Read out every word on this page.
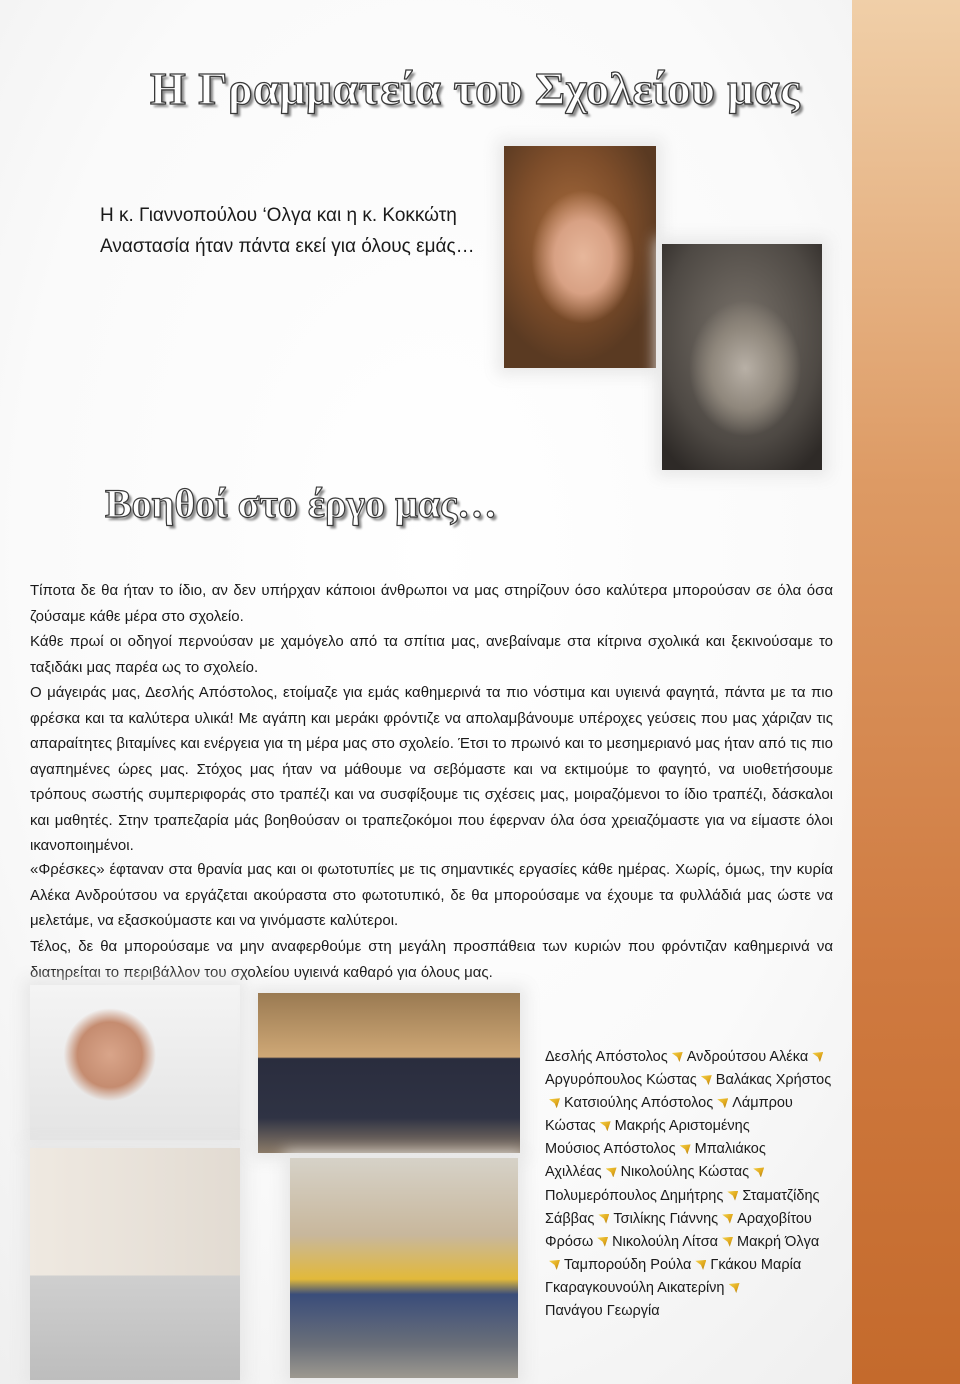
Η Γραμματεία του Σχολείου μας

Η κ. Γιαννοπούλου ‘Ολγα και η κ. Κοκκώτη Αναστασία ήταν πάντα εκεί για όλους εμάς…

Βοηθοί στο έργο μας…

Τίποτα δε θα ήταν το ίδιο, αν δεν υπήρχαν κάποιοι άνθρωποι να μας στηρίζουν όσο καλύτερα μπορούσαν σε όλα όσα ζούσαμε κάθε μέρα στο σχολείο.

Κάθε πρωί οι οδηγοί περνούσαν με χαμόγελο από τα σπίτια μας, ανεβαίναμε στα κίτρινα σχολικά και ξεκινούσαμε το ταξιδάκι μας παρέα ως το σχολείο.

Ο μάγειράς μας, Δεσλής Απόστολος, ετοίμαζε για εμάς καθημερινά τα πιο νόστιμα και υγιεινά φαγητά, πάντα με τα πιο φρέσκα και τα καλύτερα υλικά! Με αγάπη και μεράκι φρόντιζε να απολαμβάνουμε υπέροχες γεύσεις που μας χάριζαν τις απαραίτητες βιταμίνες και ενέργεια για τη μέρα μας στο σχολείο. Έτσι το πρωινό και το μεσημεριανό μας ήταν από τις πιο αγαπημένες ώρες μας. Στόχος μας ήταν να μάθουμε να σεβόμαστε και να εκτιμούμε το φαγητό, να υιοθετήσουμε τρόπους σωστής συμπεριφοράς στο τραπέζι και να συσφίξουμε τις σχέσεις μας, μοιραζόμενοι το ίδιο τραπέζι, δάσκαλοι και μαθητές. Στην τραπεζαρία μάς βοηθούσαν οι τραπεζοκόμοι που έφερναν όλα όσα χρειαζόμαστε για να είμαστε όλοι ικανοποιημένοι.

«Φρέσκες» έφταναν στα θρανία μας και οι φωτοτυπίες με τις σημαντικές εργασίες κάθε ημέρας. Χωρίς, όμως, την κυρία Αλέκα Ανδρούτσου να εργάζεται ακούραστα στο φωτοτυπικό, δε θα μπορούσαμε να έχουμε τα φυλλάδιά μας ώστε να μελετάμε, να εξασκούμαστε και να γινόμαστε καλύτεροι.

Τέλος, δε θα μπορούσαμε να μην αναφερθούμε στη μεγάλη προσπάθεια των κυριών που φρόντιζαν καθημερινά να διατηρείται το περιβάλλον του σχολείου υγιεινά καθαρό για όλους μας.

Δεσλής Απόστολος Ανδρούτσου Αλέκα
Αργυρόπουλος Κώστας Βαλάκας Χρήστος
Κατσιούλης Απόστολος Λάμπρου
Κώστας Μακρής Αριστομένης
Μούσιος Απόστολος Μπαλιάκος
Αχιλλέας Νικολούλης Κώστας
Πολυμερόπουλος Δημήτρης Σταματζίδης
Σάββας Τσιλίκης Γιάννης Αραχοβίτου
Φρόσω Νικολούλη Λίτσα Μακρή Όλγα
Ταμπορούδη Ρούλα Γκάκου Μαρία
Γκαραγκουνούλη Αικατερίνη
Πανάγου Γεωργία
